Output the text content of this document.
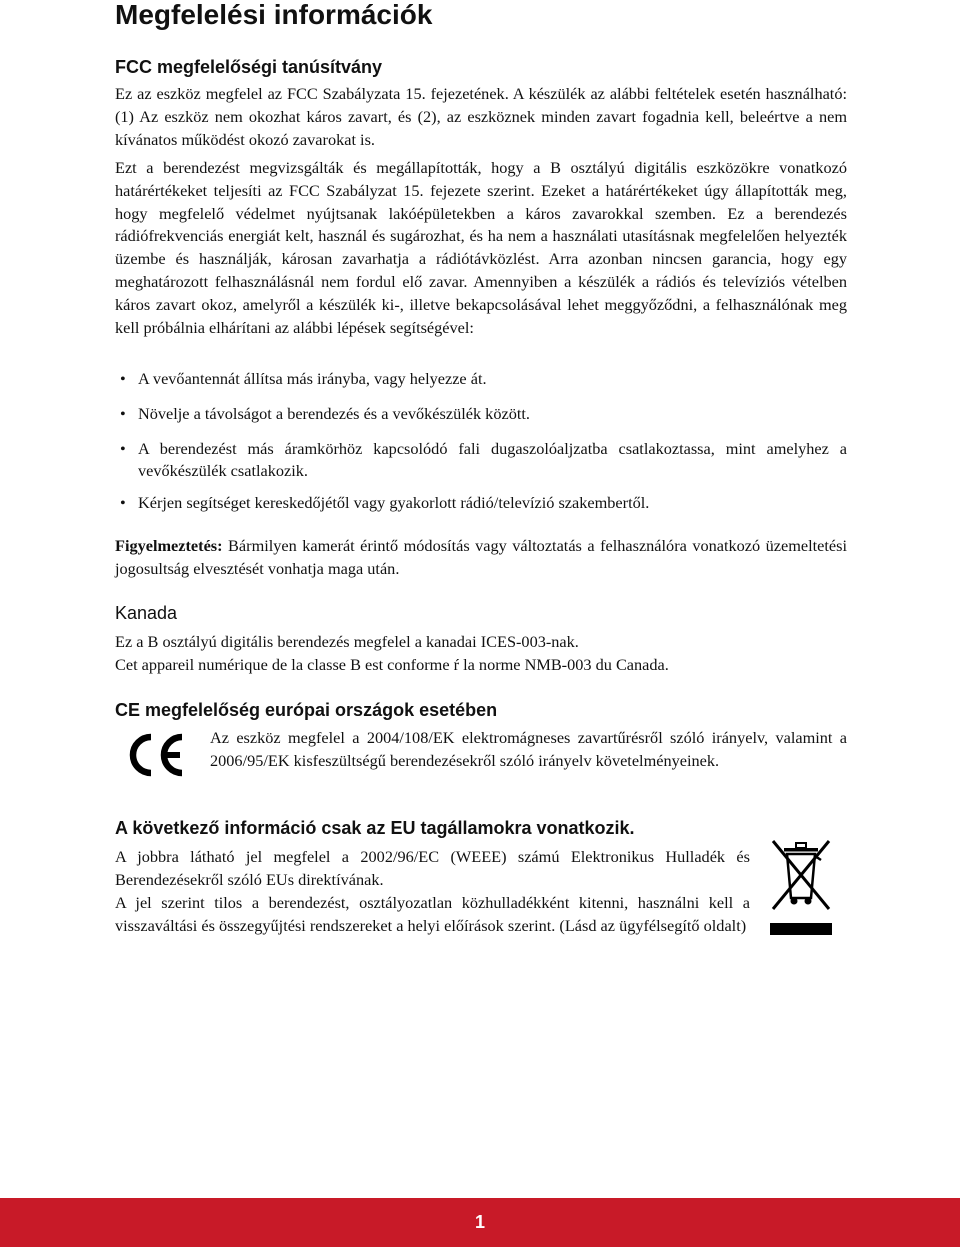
Megfelelési információk
FCC megfelelőségi tanúsítvány

Ez az eszköz megfelel az FCC Szabályzata 15. fejezetének. A készülék az alábbi feltételek esetén használható: (1) Az eszköz nem okozhat káros zavart, és (2), az eszköznek minden zavart fogadnia kell, beleértve a nem kívánatos működést okozó zavarokat is.

Ezt a berendezést megvizsgálták és megállapították, hogy a B osztályú digitális eszközökre vonatkozó határértékeket teljesíti az FCC Szabályzat 15. fejezete szerint. Ezeket a határértékeket úgy állapították meg, hogy megfelelő védelmet nyújtsanak lakóépületekben a káros zavarokkal szemben. Ez a berendezés rádiófrekvenciás energiát kelt, használ és sugározhat, és ha nem a használati utasításnak megfelelően helyezték üzembe és használják, károsan zavarhatja a rádiótávközlést. Arra azonban nincsen garancia, hogy egy meghatározott felhasználásnál nem fordul elő zavar. Amennyiben a készülék a rádiós és televíziós vételben káros zavart okoz, amelyről a készülék ki-, illetve bekapcsolásával lehet meggyőződni, a felhasználónak meg kell próbálnia elhárítani az alábbi lépések segítségével:

• A vevőantennát állítsa más irányba, vagy helyezze át.
• Növelje a távolságot a berendezés és a vevőkészülék között.
• A berendezést más áramkörhöz kapcsolódó fali dugaszolóaljzatba csatlakoztassa, mint amelyhez a vevőkészülék csatlakozik.
• Kérjen segítséget kereskedőjétől vagy gyakorlott rádió/televízió szakembertől.

Figyelmeztetés: Bármilyen kamerát érintő módosítás vagy változtatás a felhasználóra vonatkozó üzemeltetési jogosultság elvesztését vonhatja maga után.

Kanada

Ez a B osztályú digitális berendezés megfelel a kanadai ICES-003-nak.

Cet appareil numérique de la classe B est conforme ŕ la norme NMB-003 du Canada.

CE megfelelőség európai országok esetében

Az eszköz megfelel a 2004/108/EK elektromágneses zavartűrésről szóló irányelv, valamint a 2006/95/EK kisfeszültségű berendezésekről szóló irányelv követelményeinek.

A következő információ csak az EU tagállamokra vonatkozik.

A jobbra látható jel megfelel a 2002/96/EC (WEEE) számú Elektronikus Hulladék és Berendezésekről szóló EUs direktívának.

A jel szerint tilos a berendezést, osztályozatlan közhulladékként kitenni, használni kell a visszaváltási és összegyűjtési rendszereket a helyi előírások szerint. (Lásd az ügyfélsegítő oldalt)

1
